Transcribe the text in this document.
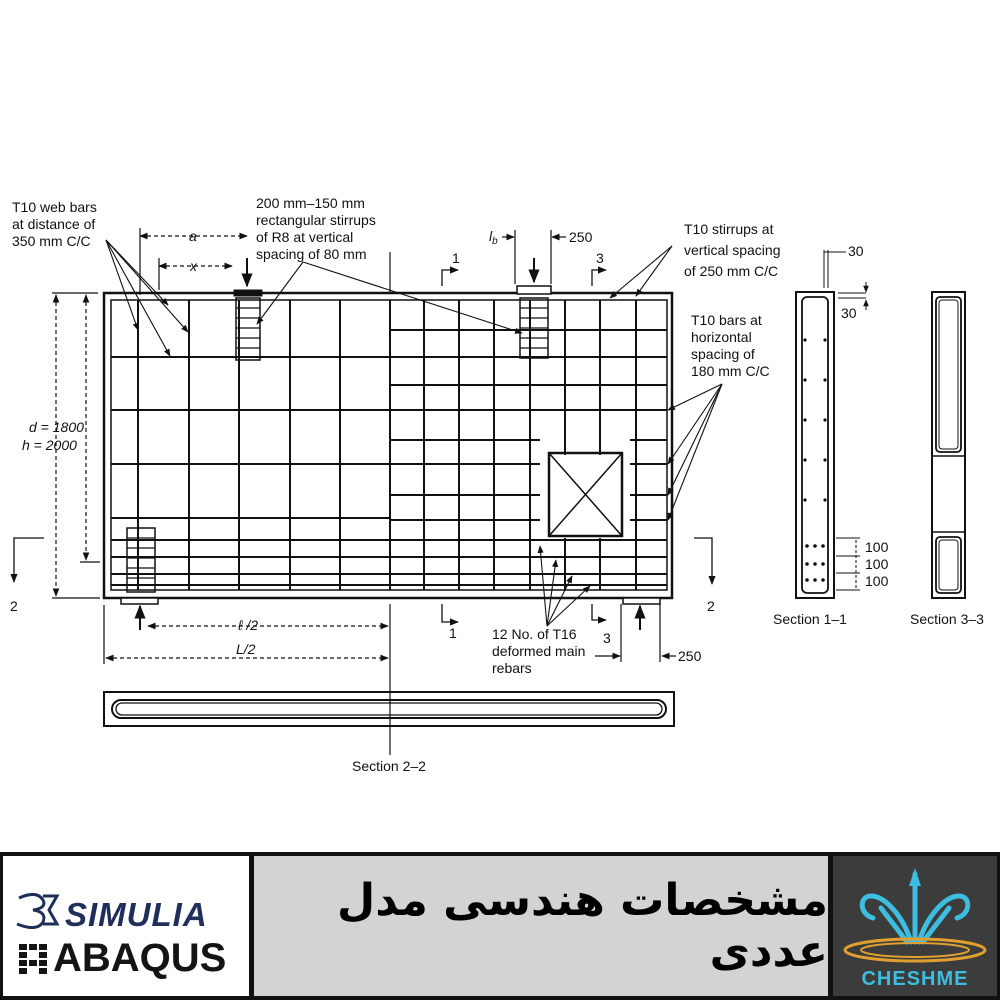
T10 web bars
at distance of
350 mm C/C
200 mm–150 mm
rectangular stirrups
of R8 at vertical
spacing of 80 mm
a
x
$l_b$	250
1	3
1	3
2	2
T10 stirrups at
vertical spacing
of 250 mm C/C
T10 bars at
horizontal
spacing of
180 mm C/C
d = 1800
h = 2000
12 No. of T16
deformed main
rebars
ℓ /2
L/2	250
Section 2–2
Section 1–1	Section 3–3
30
30
100
100
100
SIMULIA
ABAQUS
مشخصات هندسی مدل عددی
CHESHME
